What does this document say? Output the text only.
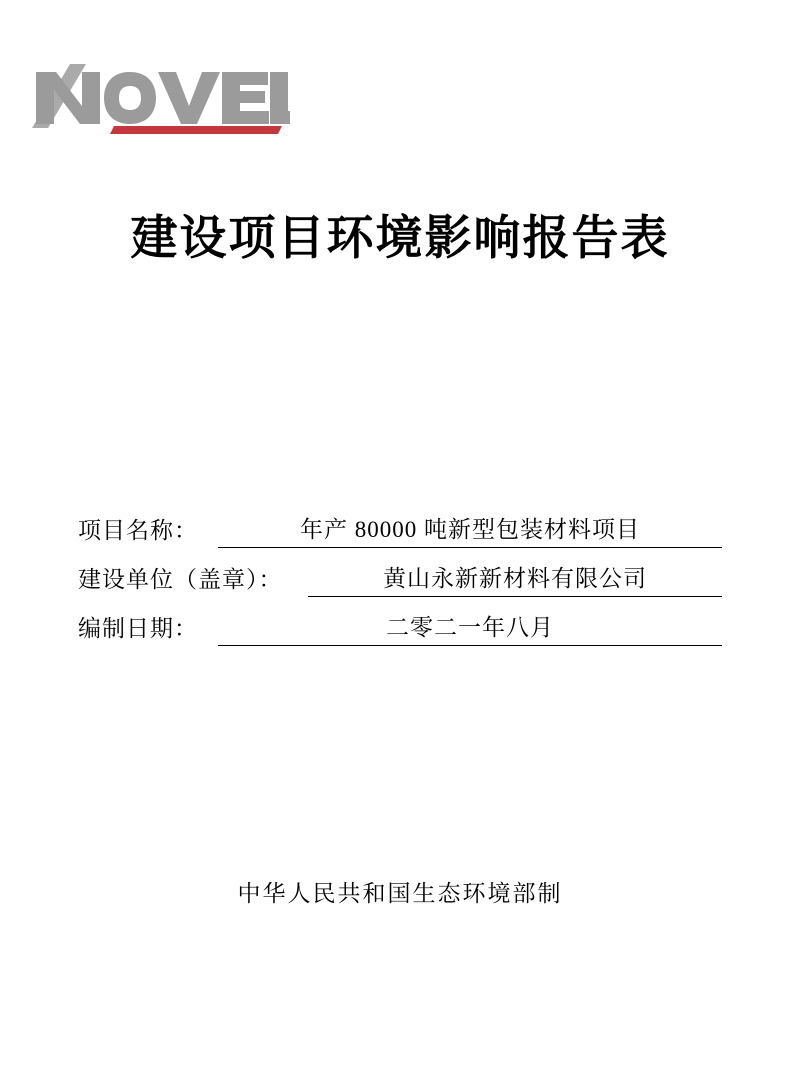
建设项目环境影响报告表
项目名称：	年产 80000 吨新型包装材料项目
建设单位（盖章）：	黄山永新新材料有限公司
编制日期：	二零二一年八月
中华人民共和国生态环境部制
